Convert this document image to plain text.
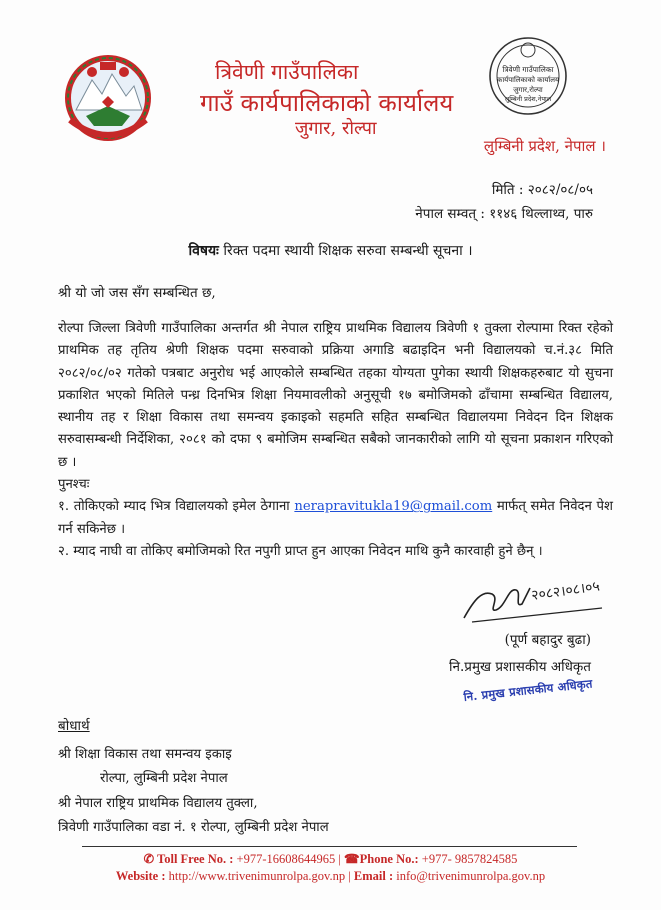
त्रिवेणी गाउँपालिका
गाउँ कार्यपालिकाको कार्यालय
जुगार, रोल्पा
त्रिवेणी गाउँपालिका
कार्यपालिकाको कार्यालय
जुगार,रोल्पा
लुम्बिनी प्रदेश,नेपाल
लुम्बिनी प्रदेश, नेपाल ।
मिति : २०८२/०८/०५
नेपाल सम्वत् : ११४६ थिल्लाथ्व, पारु
विषयः रिक्त पदमा स्थायी शिक्षक सरुवा सम्बन्धी सूचना ।
श्री यो जो जस सँग सम्बन्धित छ,

रोल्पा जिल्ला त्रिवेणी गाउँपालिका अन्तर्गत श्री नेपाल राष्ट्रिय प्राथमिक विद्यालय त्रिवेणी १ तुक्ला रोल्पामा रिक्त रहेको प्राथमिक तह तृतिय श्रेणी शिक्षक पदमा सरुवाको प्रक्रिया अगाडि बढाइदिन भनी विद्यालयको च.नं.३८ मिति २०८२/०८/०२ गतेको पत्रबाट अनुरोध भई आएकोले सम्बन्धित तहका योग्यता पुगेका स्थायी शिक्षकहरुबाट यो सुचना प्रकाशित भएको मितिले पन्ध्र दिनभित्र शिक्षा नियमावलीको अनुसूची १७ बमोजिमको ढाँचामा सम्बन्धित विद्यालय, स्थानीय तह र शिक्षा विकास तथा समन्वय इकाइको सहमति सहित सम्बन्धित विद्यालयमा निवेदन दिन शिक्षक सरुवासम्बन्धी निर्देशिका, २०८१ को दफा ९ बमोजिम सम्बन्धित सबैको जानकारीको लागि यो सूचना प्रकाशन गरिएको छ ।

पुनश्चः

१. तोकिएको म्याद भित्र विद्यालयको इमेल ठेगाना nerapravitukla19@gmail.com मार्फत् समेत निवेदन पेश गर्न सकिनेछ ।

२. म्याद नाघी वा तोकिए बमोजिमको रित नपुगी प्राप्त हुन आएका निवेदन माथि कुनै कारवाही हुने छैन् ।

२०८२।०८।०५
(पूर्ण बहादुर बुढा)
नि.प्रमुख प्रशासकीय अधिकृत
नि. प्रमुख प्रशासकीय अधिकृत
बोधार्थ
श्री शिक्षा विकास तथा समन्वय इकाइ
रोल्पा, लुम्बिनी प्रदेश नेपाल
श्री नेपाल राष्ट्रिय प्राथमिक विद्यालय तुक्ला,
त्रिवेणी गाउँपालिका वडा नं. १ रोल्पा, लुम्बिनी प्रदेश नेपाल
✆ Toll Free No. : +977-16608644965 | ☎Phone No.: +977- 9857824585
Website : http://www.trivenimunrolpa.gov.np | Email : info@trivenimunrolpa.gov.np
